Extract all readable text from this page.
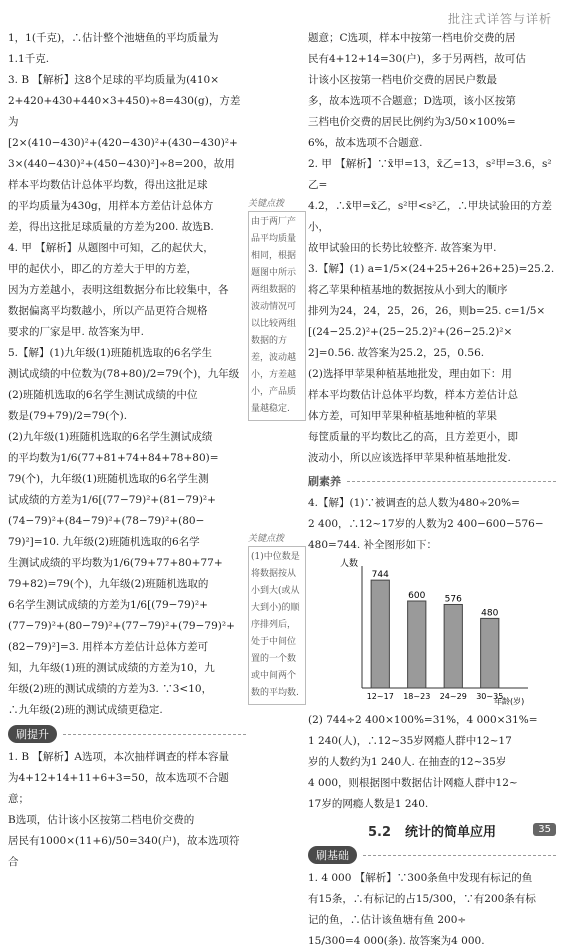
批注式详答与详析

1，1(千克)，∴估计整个池塘鱼的平均质量为

1.1千克.

3. B 【解析】这8个足球的平均质量为(410×

2+420+430+440×3+450)÷8=430(g)，方差为

[2×(410−430)²+(420−430)²+(430−430)²+

3×(440−430)²+(450−430)²]÷8=200，故用

样本平均数估计总体平均数，得出这批足球

的平均质量为430g，用样本方差估计总体方

差，得出这批足球质量的方差为200. 故选B.

4. 甲 【解析】从题图中可知，乙的起伏大，

甲的起伏小，即乙的方差大于甲的方差，

因为方差越小，表明这组数据分布比较集中，各

数据偏离平均数越小，所以产品更符合规格

要求的厂家是甲. 故答案为甲.

5.【解】(1)九年级(1)班随机选取的6名学生

测试成绩的中位数为(78+80)/2=79(个)，九年级

(2)班随机选取的6名学生测试成绩的中位

数是(79+79)/2=79(个).

(2)九年级(1)班随机选取的6名学生测试成绩

的平均数为1/6(77+81+74+84+78+80)=

79(个)，九年级(1)班随机选取的6名学生测

试成绩的方差为1/6[(77−79)²+(81−79)²+

(74−79)²+(84−79)²+(78−79)²+(80−

79)²]=10. 九年级(2)班随机选取的6名学

生测试成绩的平均数为1/6(79+77+80+77+

79+82)=79(个)，九年级(2)班随机选取的

6名学生测试成绩的方差为1/6[(79−79)²+

(77−79)²+(80−79)²+(77−79)²+(79−79)²+

(82−79)²]=3. 用样本方差估计总体方差可

知，九年级(1)班的测试成绩的方差为10，九

年级(2)班的测试成绩的方差为3. ∵3<10，

∴九年级(2)班的测试成绩更稳定.

刷提升

1. B 【解析】A选项，本次抽样调查的样本容量

为4+12+14+11+6+3=50，故本选项不合题意；

B选项，估计该小区按第二档电价交费的

居民有1000×(11+6)/50=340(户)，故本选项符合

关键点拨
由于两厂产品平均质量相同，根据题图中所示两组数据的波动情况可以比较两组数据的方差，波动越小，方差越小，产品质量越稳定.
关键点拨
(1)中位数是将数据按从小到大(或从大到小)的顺序排列后，处于中间位置的一个数或中间两个数的平均数.

题意；C选项，样本中按第一档电价交费的居

民有4+12+14=30(户)，多于另两档，故可估

计该小区按第一档电价交费的居民户数最

多，故本选项不合题意；D选项，该小区按第

三档电价交费的居民比例约为3/50×100%=

6%，故本选项不合题意.

2. 甲 【解析】∵x̄甲=13，x̄乙=13，s²甲=3.6，s²乙=

4.2，∴x̄甲=x̄乙，s²甲<s²乙，∴甲块试验田的方差小，

故甲试验田的长势比较整齐. 故答案为甲.

3.【解】(1) a=1/5×(24+25+26+26+25)=25.2.

将乙苹果种植基地的数据按从小到大的顺序

排列为24，24，25，26，26，则b=25. c=1/5×

[(24−25.2)²+(25−25.2)²+(26−25.2)²×

2]=0.56. 故答案为25.2，25，0.56.

(2)选择甲苹果种植基地批发，理由如下：用

样本平均数估计总体平均数，样本方差估计总

体方差，可知甲苹果种植基地种植的苹果

每筐质量的平均数比乙的高，且方差更小，即

波动小，所以应该选择甲苹果种植基地批发.

刷素养

4.【解】(1)∵被调查的总人数为480÷20%=

2 400，∴12~17岁的人数为2 400−600−576−

480=744. 补全图形如下：

人数
年龄(岁)
744
12~17
600
18~23
576
24~29
480
30~35

(2) 744÷2 400×100%=31%，4 000×31%=

1 240(人)，∴12~35岁网瘾人群中12~17

岁的人数约为1 240人. 在抽查的12~35岁

4 000，则根据图中数据估计网瘾人群中12~

17岁的网瘾人数是1 240.

5.2 统计的简单应用
刷基础

1. 4 000 【解析】∵300条鱼中发现有标记的鱼

有15条，∴有标记的占15/300，∵有200条有标

记的鱼，∴估计该鱼塘有鱼 200÷

15/300=4 000(条). 故答案为4 000.

35
